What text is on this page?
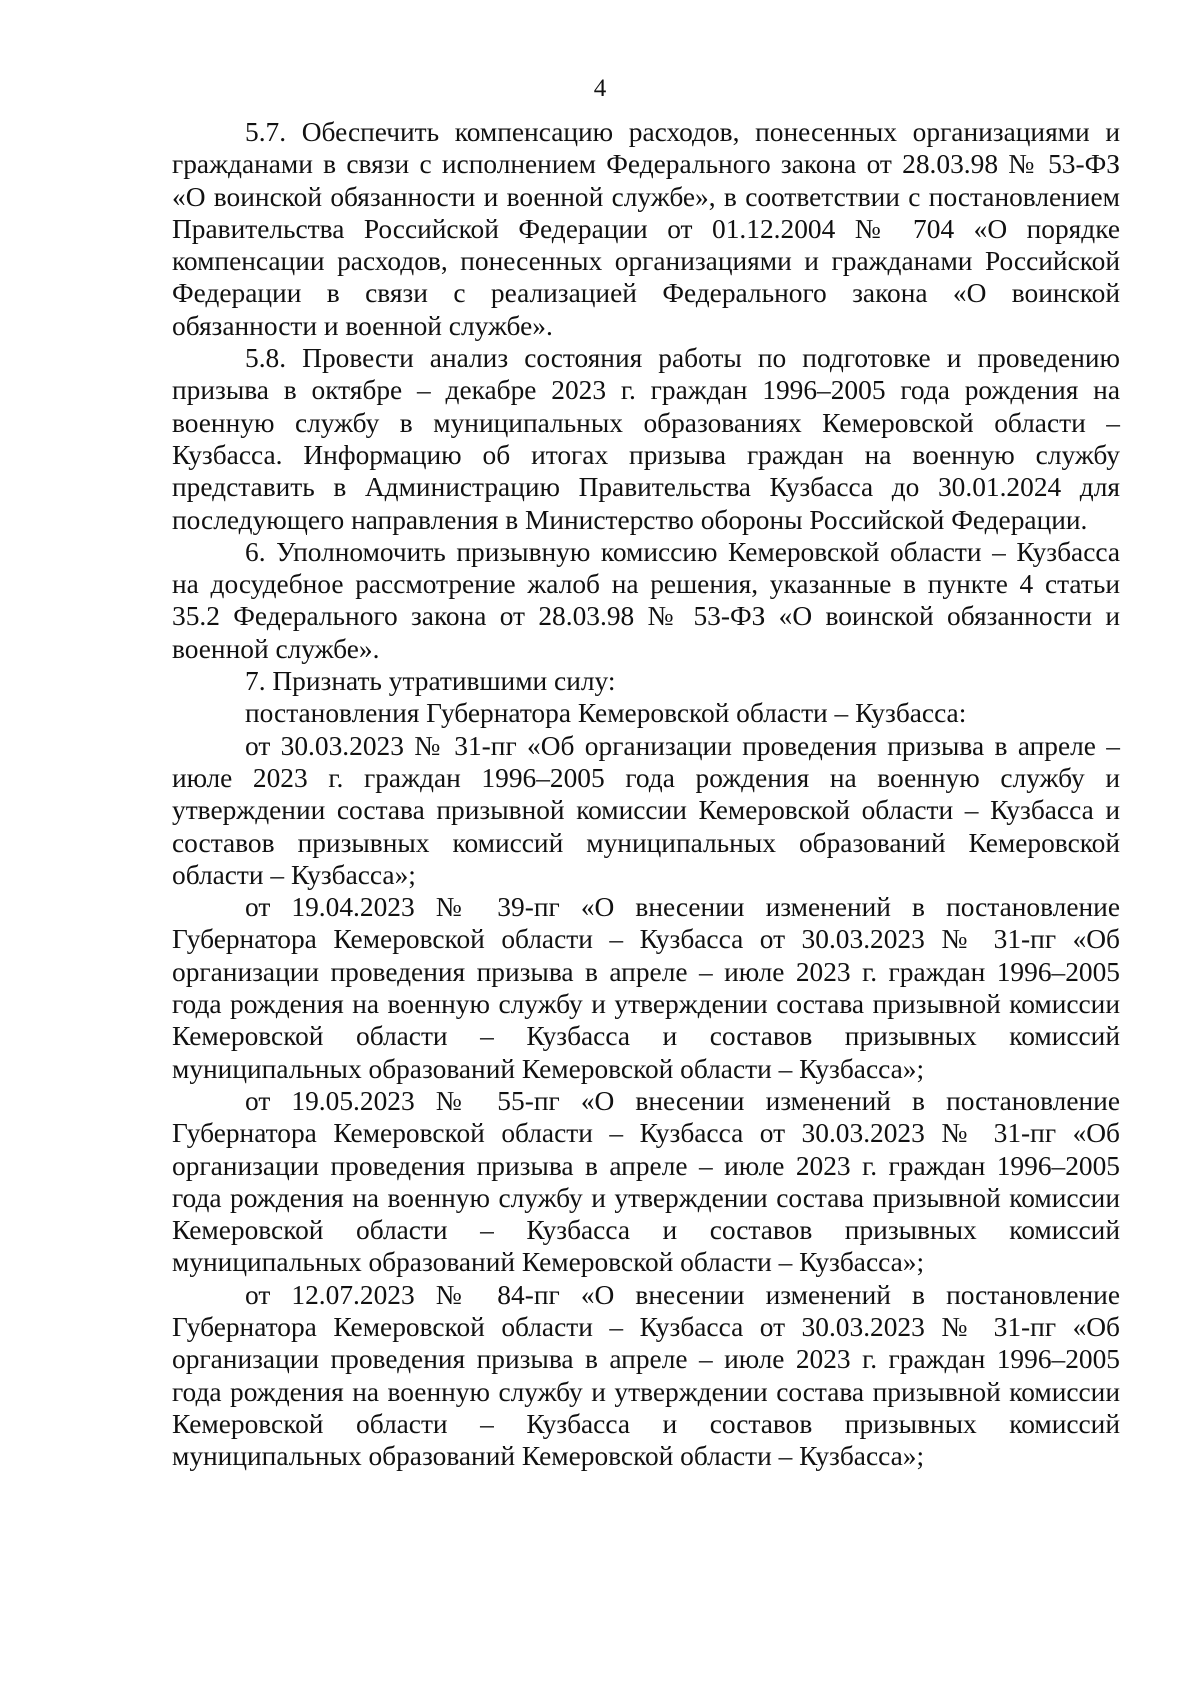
4

5.7. Обеспечить компенсацию расходов, понесенных организациями и гражданами в связи с исполнением Федерального закона от 28.03.98 № 53-ФЗ «О воинской обязанности и военной службе», в соответствии с постановлением Правительства Российской Федерации от 01.12.2004 № 704 «О порядке компенсации расходов, понесенных организациями и гражданами Российской Федерации в связи с реализацией Федерального закона «О воинской обязанности и военной службе».

5.8. Провести анализ состояния работы по подготовке и проведению призыва в октябре – декабре 2023 г. граждан 1996–2005 года рождения на военную службу в муниципальных образованиях Кемеровской области – Кузбасса. Информацию об итогах призыва граждан на военную службу представить в Администрацию Правительства Кузбасса до 30.01.2024 для последующего направления в Министерство обороны Российской Федерации.

6. Уполномочить призывную комиссию Кемеровской области – Кузбасса на досудебное рассмотрение жалоб на решения, указанные в пункте 4 статьи 35.2 Федерального закона от 28.03.98 № 53-ФЗ «О воинской обязанности и военной службе».

7. Признать утратившими силу:

постановления Губернатора Кемеровской области – Кузбасса:

от 30.03.2023 № 31-пг «Об организации проведения призыва в апреле – июле 2023 г. граждан 1996–2005 года рождения на военную службу и утверждении состава призывной комиссии Кемеровской области – Кузбасса и составов призывных комиссий муниципальных образований Кемеровской области – Кузбасса»;

от 19.04.2023 № 39-пг «О внесении изменений в постановление Губернатора Кемеровской области – Кузбасса от 30.03.2023 № 31-пг «Об организации проведения призыва в апреле – июле 2023 г. граждан 1996–2005 года рождения на военную службу и утверждении состава призывной комиссии Кемеровской области – Кузбасса и составов призывных комиссий муниципальных образований Кемеровской области – Кузбасса»;

от 19.05.2023 № 55-пг «О внесении изменений в постановление Губернатора Кемеровской области – Кузбасса от 30.03.2023 № 31-пг «Об организации проведения призыва в апреле – июле 2023 г. граждан 1996–2005 года рождения на военную службу и утверждении состава призывной комиссии Кемеровской области – Кузбасса и составов призывных комиссий муниципальных образований Кемеровской области – Кузбасса»;

от 12.07.2023 № 84-пг «О внесении изменений в постановление Губернатора Кемеровской области – Кузбасса от 30.03.2023 № 31-пг «Об организации проведения призыва в апреле – июле 2023 г. граждан 1996–2005 года рождения на военную службу и утверждении состава призывной комиссии Кемеровской области – Кузбасса и составов призывных комиссий муниципальных образований Кемеровской области – Кузбасса»;
